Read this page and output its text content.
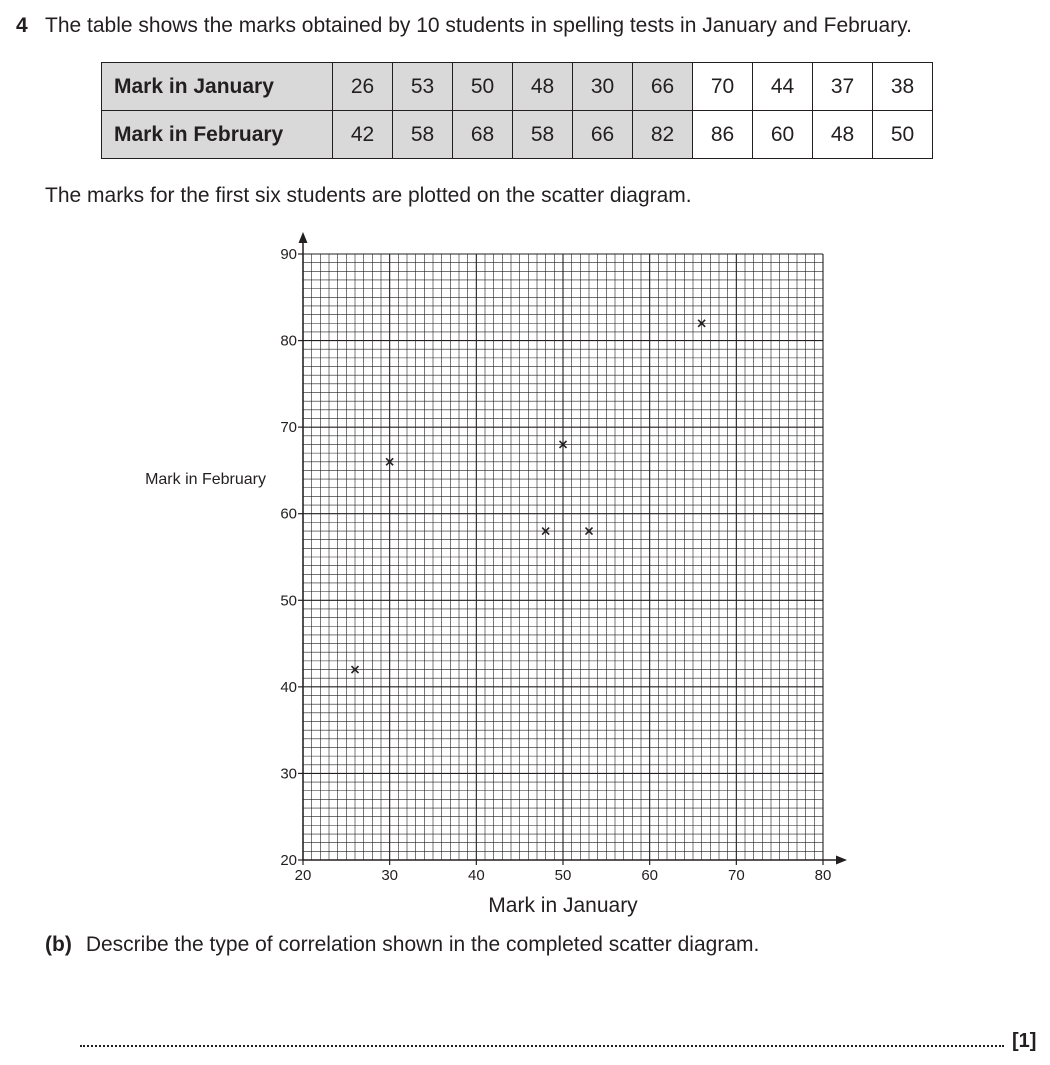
4 The table shows the marks obtained by 10 students in spelling tests in January and February.
Mark in January	26	53	50	48	30	66	70	44	37	38
Mark in February	42	58	68	58	66	82	86	60	48	50
The marks for the first six students are plotted on the scatter diagram.
20	30	40	50	60	70	80
20
30
40
50
60
70
80
90
Mark in January
Mark in February
(b) Describe the type of correlation shown in the completed scatter diagram.
[1]
